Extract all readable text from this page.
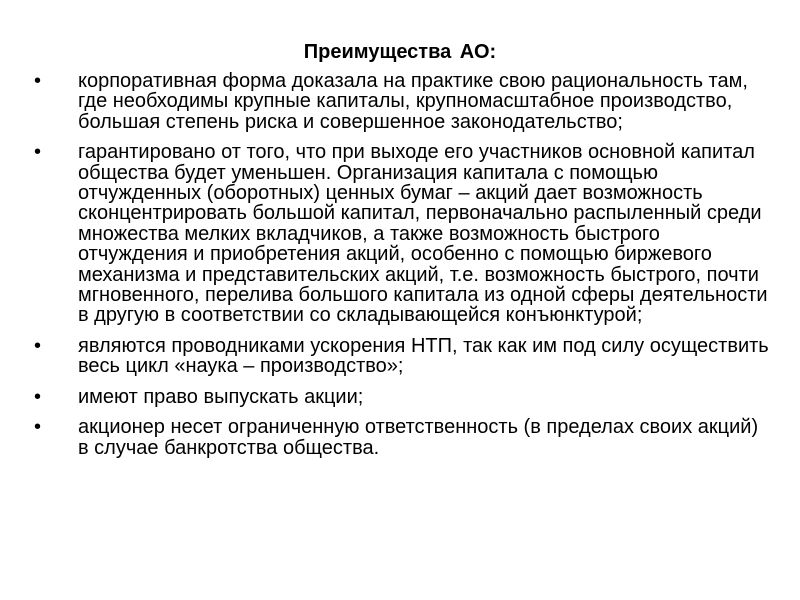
Преимущества АО:
•	корпоративная форма доказала на практике свою рациональность там, где необходимы крупные капиталы, крупномасштабное производство, большая степень риска и совершенное законодательство;
•	гарантировано от того, что при выходе его участников основной капитал общества будет уменьшен. Организация капитала с помощью отчужденных (оборотных) ценных бумаг – акций дает возможность сконцентрировать большой капитал, первоначально распыленный среди множества мелких вкладчиков, а также возможность быстрого отчуждения и приобретения акций, особенно с помощью биржевого механизма и представительских акций, т.е. возможность быстрого, почти мгновенного, перелива большого капитала из одной сферы деятельности в другую в соответствии со складывающейся конъюнктурой;
•	являются проводниками ускорения НТП, так как им под силу осуществить весь цикл «наука – производство»;
•	имеют право выпускать акции;
•	акционер несет ограниченную ответственность (в пределах своих акций) в случае банкротства общества.
